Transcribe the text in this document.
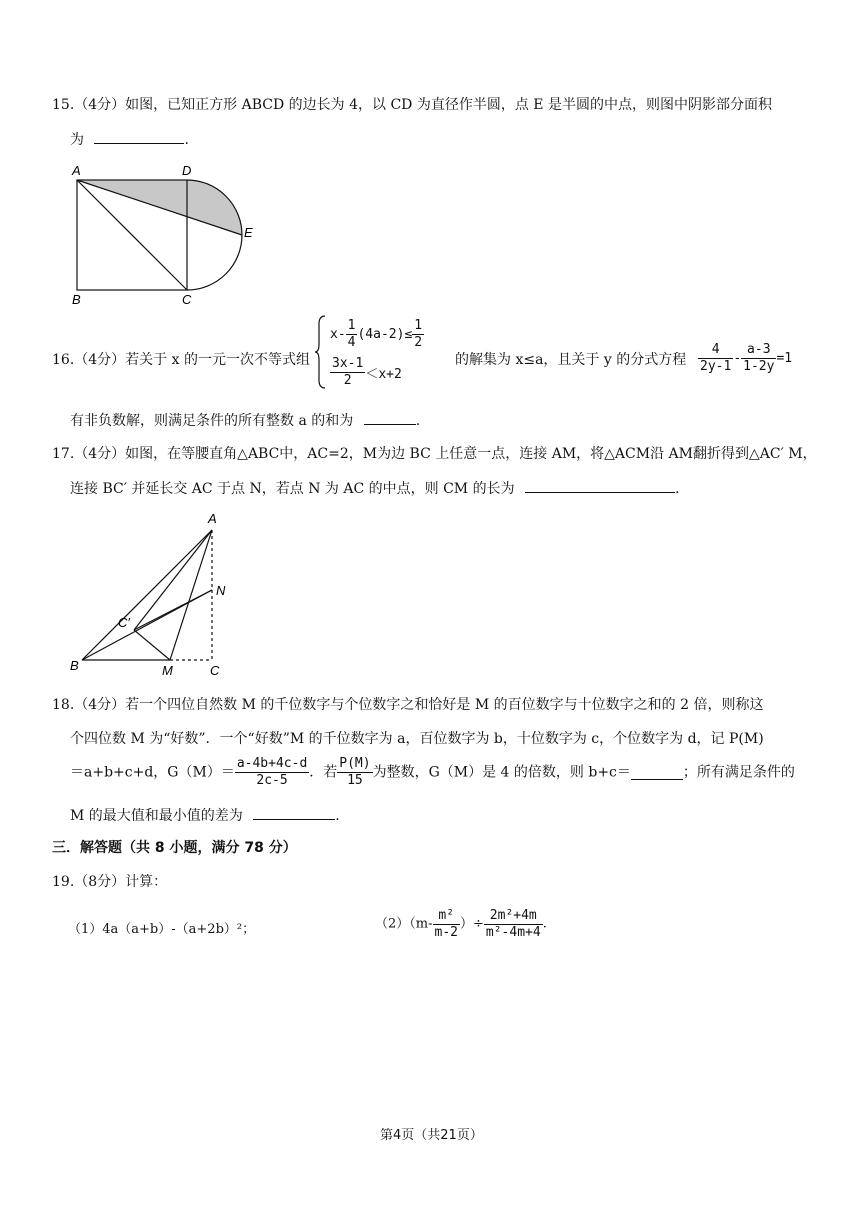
15.（4分）如图，已知正方形 ABCD 的边长为 4，以 CD 为直径作半圆，点 E 是半圆的中点，则图中阴影部分面积
为	.
A	D
E
B	C
16.（4分）若关于 x 的一元一次不等式组
$x- \frac{1}{4} (4a-2)\le \frac{1}{2}$
$\frac{3x-1}{2} <x+2$
的解集为 x≤a，且关于 y 的分式方程 $\frac{4}{2y-1} - \frac{a-3}{1-2y} =1$
有非负数解，则满足条件的所有整数 a 的和为	.
17.（4分）如图，在等腰直角△ABC中，AC=2，M为边 BC 上任意一点，连接 AM，将△ACM沿 AM翻折得到△AC′ M，
连接 BC′ 并延长交 AC 于点 N，若点 N 为 AC 的中点，则 CM 的长为	.
A
N
C′
B	M	C
18.（4分）若一个四位自然数 M 的千位数字与个位数字之和恰好是 M 的百位数字与十位数字之和的 2 倍，则称这
个四位数 M 为“好数”．一个“好数”M 的千位数字为 a，百位数字为 b，十位数字为 c，个位数字为 d，记 P(M)
＝a+b+c+d，$G(M)= \frac{a-4b+4c-d}{2c-5}$ ．若 $\frac{P(M)}{15}$ 为整数，G（M）是 4 的倍数，则 b+c＝	；所有满足条件的
M 的最大值和最小值的差为	.
三．解答题（共 8 小题，满分 78 分）
19.（8分）计算：
（1）4a（a+b）-（a+2b）²；	$(2)(m- \frac{\text{m²}}{m-2}$ ）÷ $\frac{\text{2m²+4m}}{\text{m²-4m+4}}$ .
第4页（共21页）
